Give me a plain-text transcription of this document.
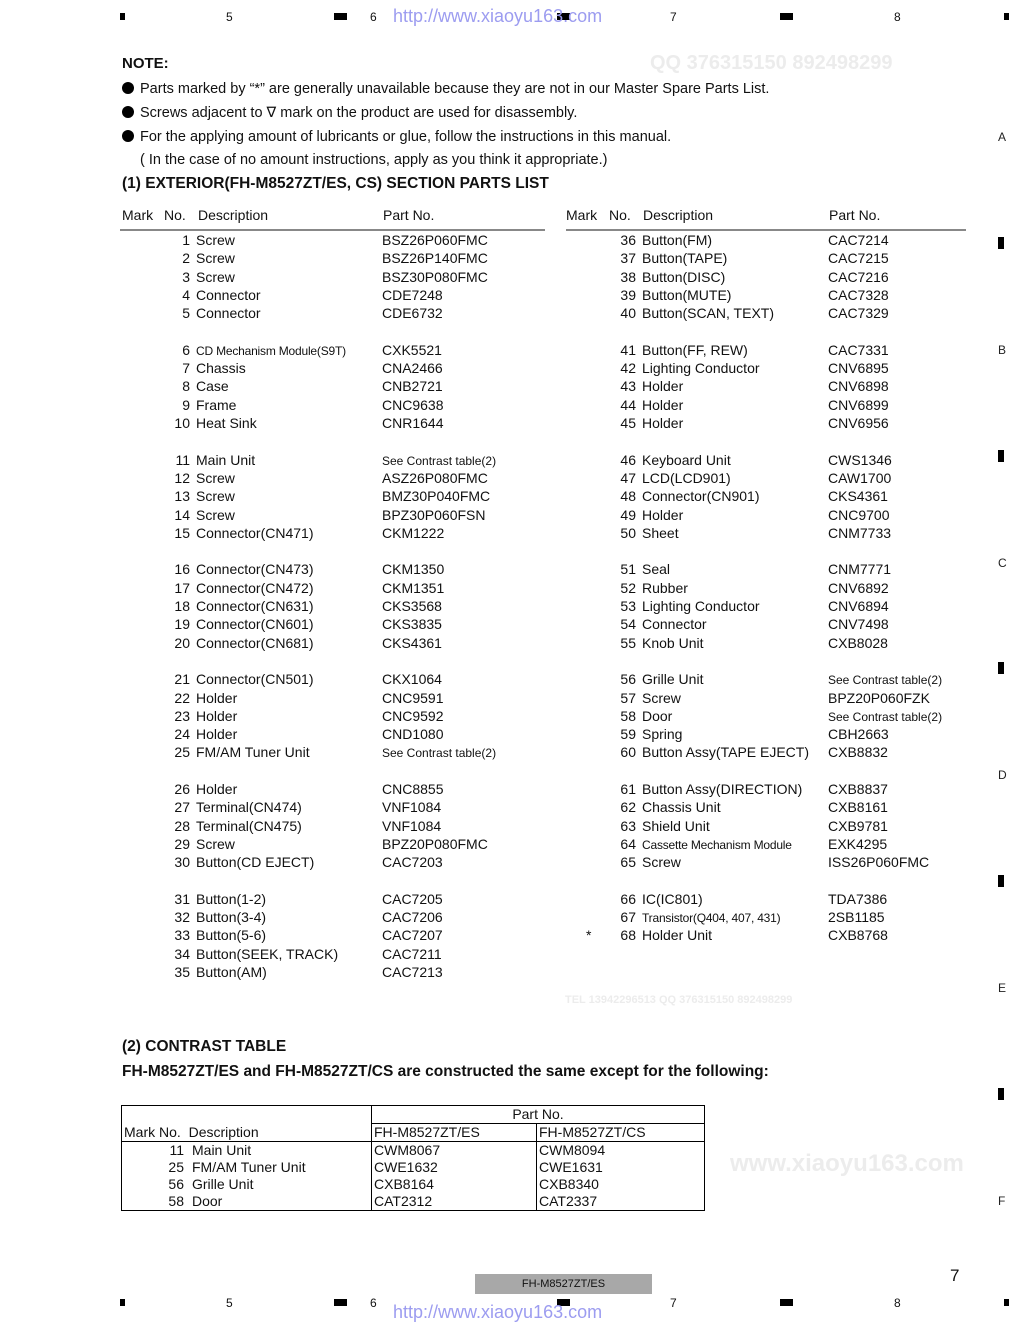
QQ 376315150 892498299
TEL 13942296513 QQ 376315150 892498299
www.xiaoyu163.com
5	6	7	8
http://www.xiaoyu163.com
A
B
C
D
E
F
NOTE:
Parts marked by “*” are generally unavailable because they are not in our Master Spare Parts List.
Screws adjacent to ∇ mark on the product are used for disassembly.
For the applying amount of lubricants or glue, follow the instructions in this manual.
( In the case of no amount instructions, apply as you think it appropriate.)
(1) EXTERIOR(FH-M8527ZT/ES, CS) SECTION PARTS LIST
Mark No. Description	Part No.
1 Screw	BSZ26P060FMC
2 Screw	BSZ26P140FMC
3 Screw	BSZ30P080FMC
4 Connector	CDE7248
5 Connector	CDE6732
6 CD Mechanism Module(S9T)	CXK5521
7 Chassis	CNA2466
8 Case	CNB2721
9 Frame	CNC9638
10 Heat Sink	CNR1644
11 Main Unit	See Contrast table(2)
12 Screw	ASZ26P080FMC
13 Screw	BMZ30P040FMC
14 Screw	BPZ30P060FSN
15 Connector(CN471)	CKM1222
16 Connector(CN473)	CKM1350
17 Connector(CN472)	CKM1351
18 Connector(CN631)	CKS3568
19 Connector(CN601)	CKS3835
20 Connector(CN681)	CKS4361
21 Connector(CN501)	CKX1064
22 Holder	CNC9591
23 Holder	CNC9592
24 Holder	CND1080
25 FM/AM Tuner Unit	See Contrast table(2)
26 Holder	CNC8855
27 Terminal(CN474)	VNF1084
28 Terminal(CN475)	VNF1084
29 Screw	BPZ20P080FMC
30 Button(CD EJECT)	CAC7203
31 Button(1-2)	CAC7205
32 Button(3-4)	CAC7206
33 Button(5-6)	CAC7207
34 Button(SEEK, TRACK)	CAC7211
35 Button(AM)	CAC7213
Mark No. Description	Part No.
36 Button(FM)	CAC7214
37 Button(TAPE)	CAC7215
38 Button(DISC)	CAC7216
39 Button(MUTE)	CAC7328
40 Button(SCAN, TEXT)	CAC7329
41 Button(FF, REW)	CAC7331
42 Lighting Conductor	CNV6895
43 Holder	CNV6898
44 Holder	CNV6899
45 Holder	CNV6956
46 Keyboard Unit	CWS1346
47 LCD(LCD901)	CAW1700
48 Connector(CN901)	CKS4361
49 Holder	CNC9700
50 Sheet	CNM7733
51 Seal	CNM7771
52 Rubber	CNV6892
53 Lighting Conductor	CNV6894
54 Connector	CNV7498
55 Knob Unit	CXB8028
56 Grille Unit	See Contrast table(2)
57 Screw	BPZ20P060FZK
58 Door	See Contrast table(2)
59 Spring	CBH2663
60 Button Assy(TAPE EJECT) CXB8832
61 Button Assy(DIRECTION) CXB8837
62 Chassis Unit	CXB8161
63 Shield Unit	CXB9781
64 Cassette Mechanism Module	EXK4295
65 Screw	ISS26P060FMC
66 IC(IC801)	TDA7386
67 Transistor(Q404, 407, 431)	2SB1185
*	68 Holder Unit	CXB8768
(2) CONTRAST TABLE
FH-M8527ZT/ES and FH-M8527ZT/CS are constructed the same except for the following:
Mark No. Description	Part No.	
	FH-M8527ZT/ES	FH-M8527ZT/CS
11 Main Unit	CWM8067	CWM8094
25 FM/AM Tuner Unit	CWE1632	CWE1631
56 Grille Unit	CXB8164	CXB8340
58 Door	CAT2312	CAT2337
FH-M8527ZT/ES	7
5	6	7	8
http://www.xiaoyu163.com
